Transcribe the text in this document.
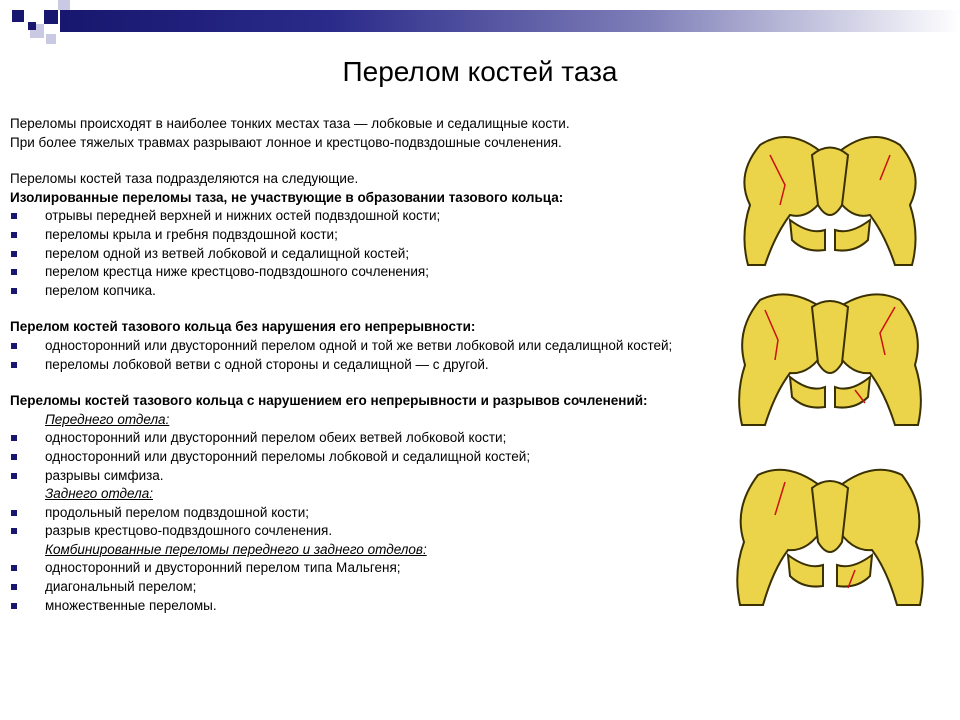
Перелом костей таза

Переломы происходят в наиболее тонких местах таза — лобковые и седалищные кости.

При более тяжелых травмах разрывают лонное и крестцово-подвздошные сочленения.

Переломы костей таза подразделяются на следующие.

Изолированные переломы таза, не участвующие в образовании тазового кольца:

отрывы передней верхней и нижних остей подвздошной кости;
переломы крыла и гребня подвздошной кости;
перелом одной из ветвей лобковой и седалищной костей;
перелом крестца ниже крестцово-подвздошного сочленения;
перелом копчика.

Перелом костей тазового кольца без нарушения его непрерывности:

односторонний или двусторонний перелом одной и той же ветви лобковой или седалищной костей;
переломы лобковой ветви с одной стороны и седалищной — с другой.

Переломы костей тазового кольца с нарушением его непрерывности и разрывов сочленений:

Переднего отдела:

односторонний или двусторонний перелом обеих ветвей лобковой кости;
односторонний или двусторонний переломы лобковой и седалищной костей;
разрывы симфиза.

Заднего отдела:

продольный перелом подвздошной кости;
разрыв крестцово-подвздошного сочленения.

Комбинированные переломы переднего и заднего отделов:

односторонний и двусторонний перелом типа Мальгеня;
диагональный перелом;
множественные переломы.
